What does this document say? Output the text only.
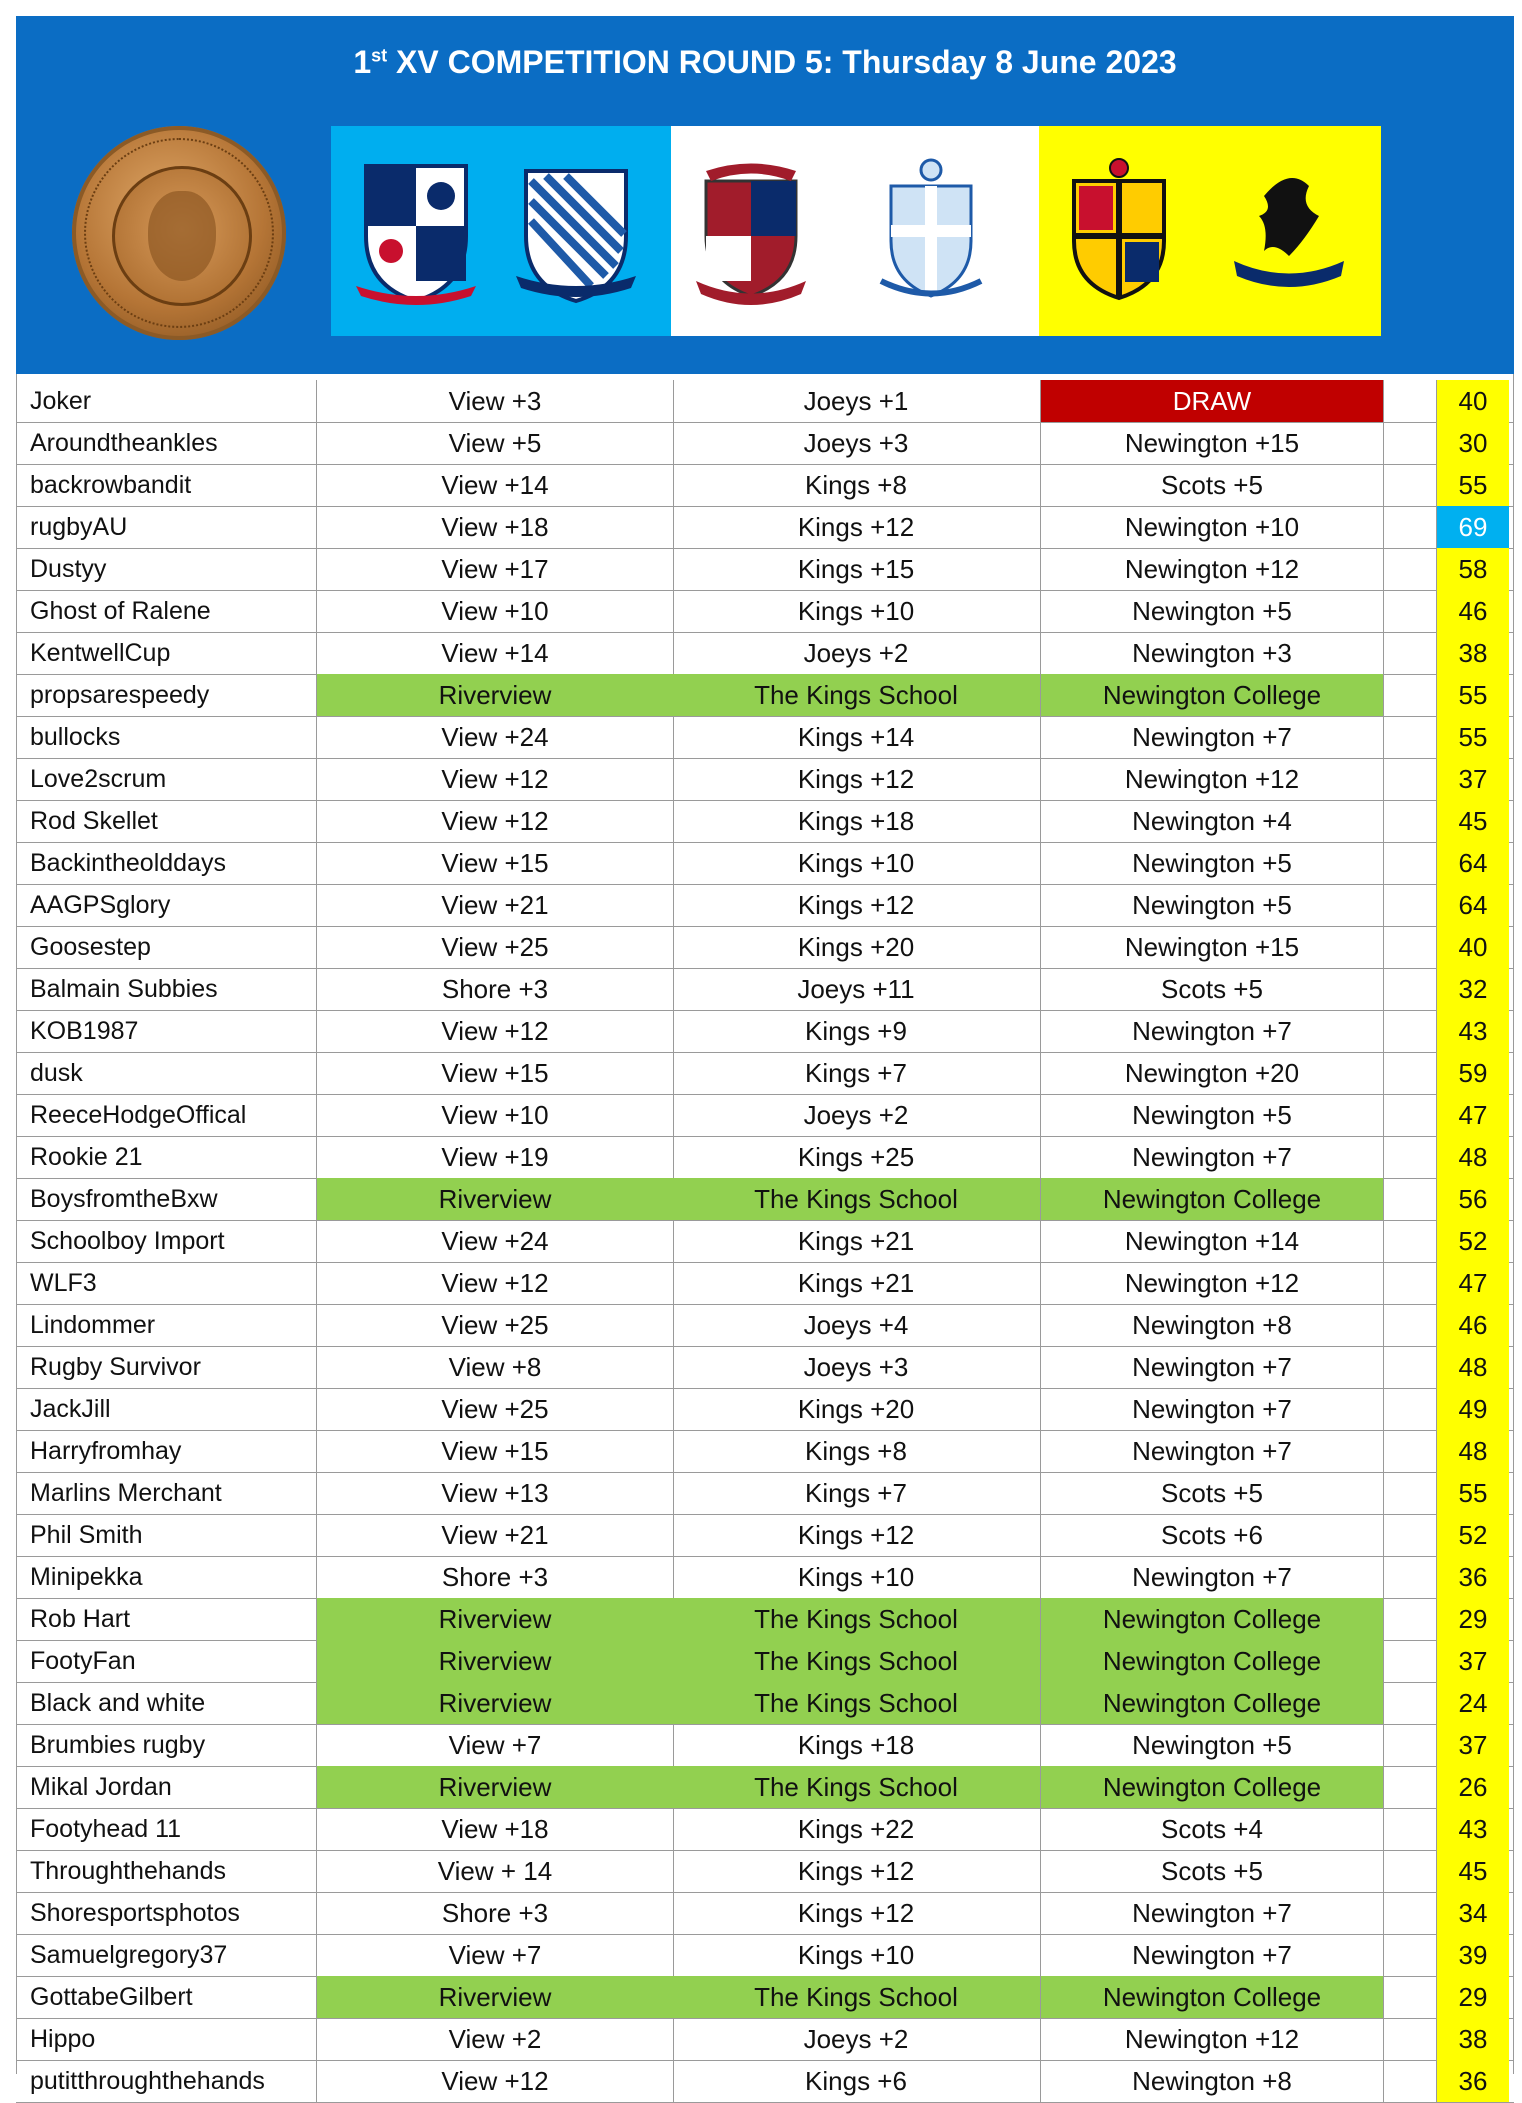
1st XV COMPETITION ROUND 5: Thursday 8 June 2023
Joker	View +3	Joeys +1	DRAW	40
Aroundtheankles	View +5	Joeys +3	Newington +15	30
backrowbandit	View +14	Kings +8	Scots +5	55
rugbyAU	View +18	Kings +12	Newington +10	69
Dustyy	View +17	Kings +15	Newington +12	58
Ghost of Ralene	View +10	Kings +10	Newington +5	46
KentwellCup	View +14	Joeys +2	Newington +3	38
propsarespeedy	Riverview	The Kings School	Newington College	55
bullocks	View +24	Kings +14	Newington +7	55
Love2scrum	View +12	Kings +12	Newington +12	37
Rod Skellet	View +12	Kings +18	Newington +4	45
Backintheolddays	View +15	Kings +10	Newington +5	64
AAGPSglory	View +21	Kings +12	Newington +5	64
Goosestep	View +25	Kings +20	Newington +15	40
Balmain Subbies	Shore +3	Joeys +11	Scots +5	32
KOB1987	View +12	Kings +9	Newington +7	43
dusk	View +15	Kings +7	Newington +20	59
ReeceHodgeOffical	View +10	Joeys +2	Newington +5	47
Rookie 21	View +19	Kings +25	Newington +7	48
BoysfromtheBxw	Riverview	The Kings School	Newington College	56
Schoolboy Import	View +24	Kings +21	Newington +14	52
WLF3	View +12	Kings +21	Newington +12	47
Lindommer	View +25	Joeys +4	Newington +8	46
Rugby Survivor	View +8	Joeys +3	Newington +7	48
JackJill	View +25	Kings +20	Newington +7	49
Harryfromhay	View +15	Kings +8	Newington +7	48
Marlins Merchant	View +13	Kings +7	Scots +5	55
Phil Smith	View +21	Kings +12	Scots +6	52
Minipekka	Shore +3	Kings +10	Newington +7	36
Rob Hart	Riverview	The Kings School	Newington College	29
FootyFan	Riverview	The Kings School	Newington College	37
Black and white	Riverview	The Kings School	Newington College	24
Brumbies rugby	View +7	Kings +18	Newington +5	37
Mikal Jordan	Riverview	The Kings School	Newington College	26
Footyhead 11	View +18	Kings +22	Scots +4	43
Throughthehands	View + 14	Kings +12	Scots +5	45
Shoresportsphotos	Shore +3	Kings +12	Newington +7	34
Samuelgregory37	View +7	Kings +10	Newington +7	39
GottabeGilbert	Riverview	The Kings School	Newington College	29
Hippo	View +2	Joeys +2	Newington +12	38
putitthroughthehands	View +12	Kings +6	Newington +8	36
